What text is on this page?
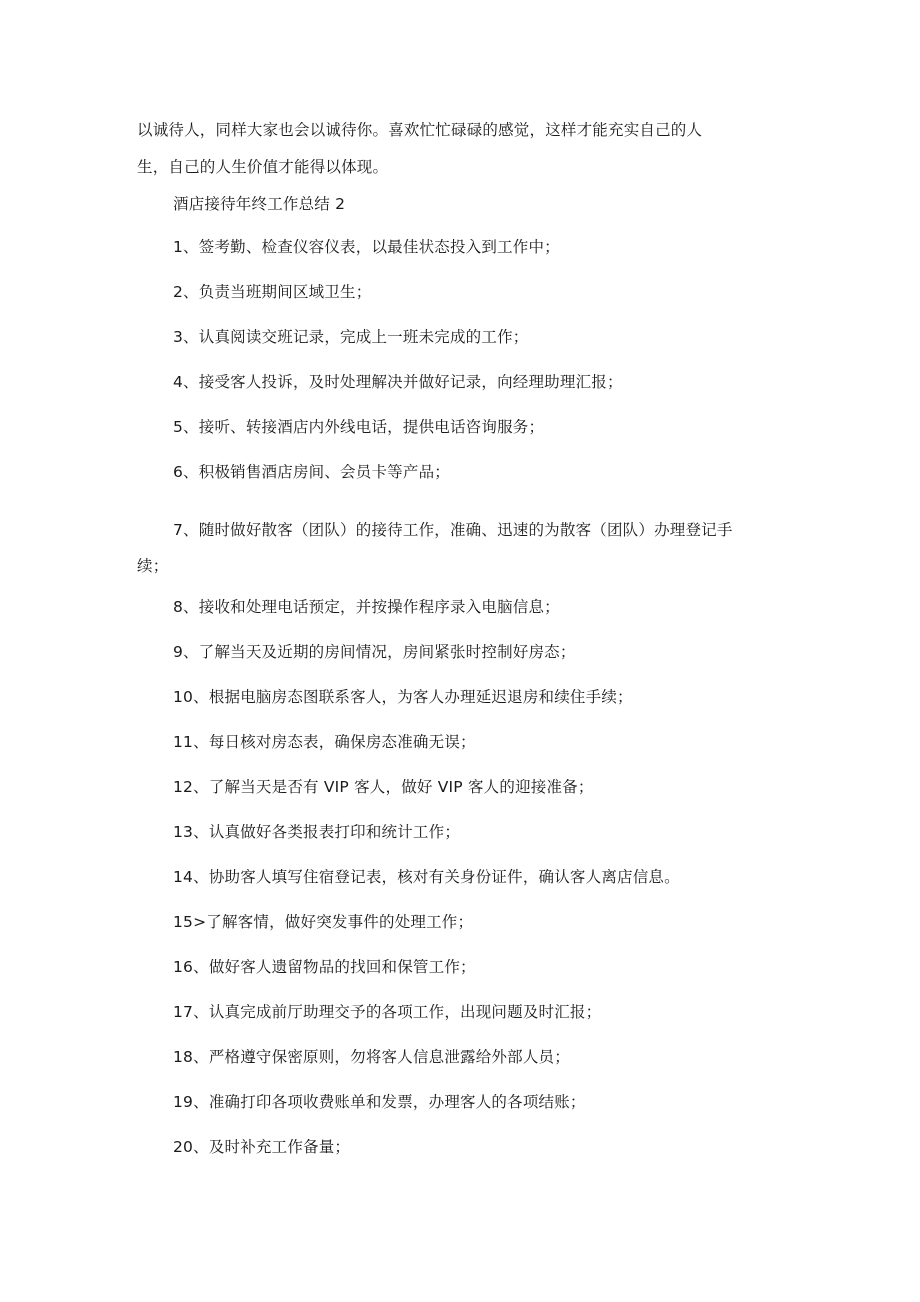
以诚待人，同样大家也会以诚待你。喜欢忙忙碌碌的感觉，这样才能充实自己的人
生，自己的人生价值才能得以体现。
酒店接待年终工作总结 2
1、签考勤、检查仪容仪表，以最佳状态投入到工作中；
2、负责当班期间区域卫生；
3、认真阅读交班记录，完成上一班未完成的工作；
4、接受客人投诉，及时处理解决并做好记录，向经理助理汇报；
5、接听、转接酒店内外线电话，提供电话咨询服务；
6、积极销售酒店房间、会员卡等产品；
7、随时做好散客（团队）的接待工作，准确、迅速的为散客（团队）办理登记手
续；
8、接收和处理电话预定，并按操作程序录入电脑信息；
9、了解当天及近期的房间情况，房间紧张时控制好房态；
10、根据电脑房态图联系客人，为客人办理延迟退房和续住手续；
11、每日核对房态表，确保房态准确无误；
12、了解当天是否有 VIP 客人，做好 VIP 客人的迎接准备；
13、认真做好各类报表打印和统计工作；
14、协助客人填写住宿登记表，核对有关身份证件，确认客人离店信息。
15>了解客情，做好突发事件的处理工作；
16、做好客人遗留物品的找回和保管工作；
17、认真完成前厅助理交予的各项工作，出现问题及时汇报；
18、严格遵守保密原则，勿将客人信息泄露给外部人员；
19、准确打印各项收费账单和发票，办理客人的各项结账；
20、及时补充工作备量；
